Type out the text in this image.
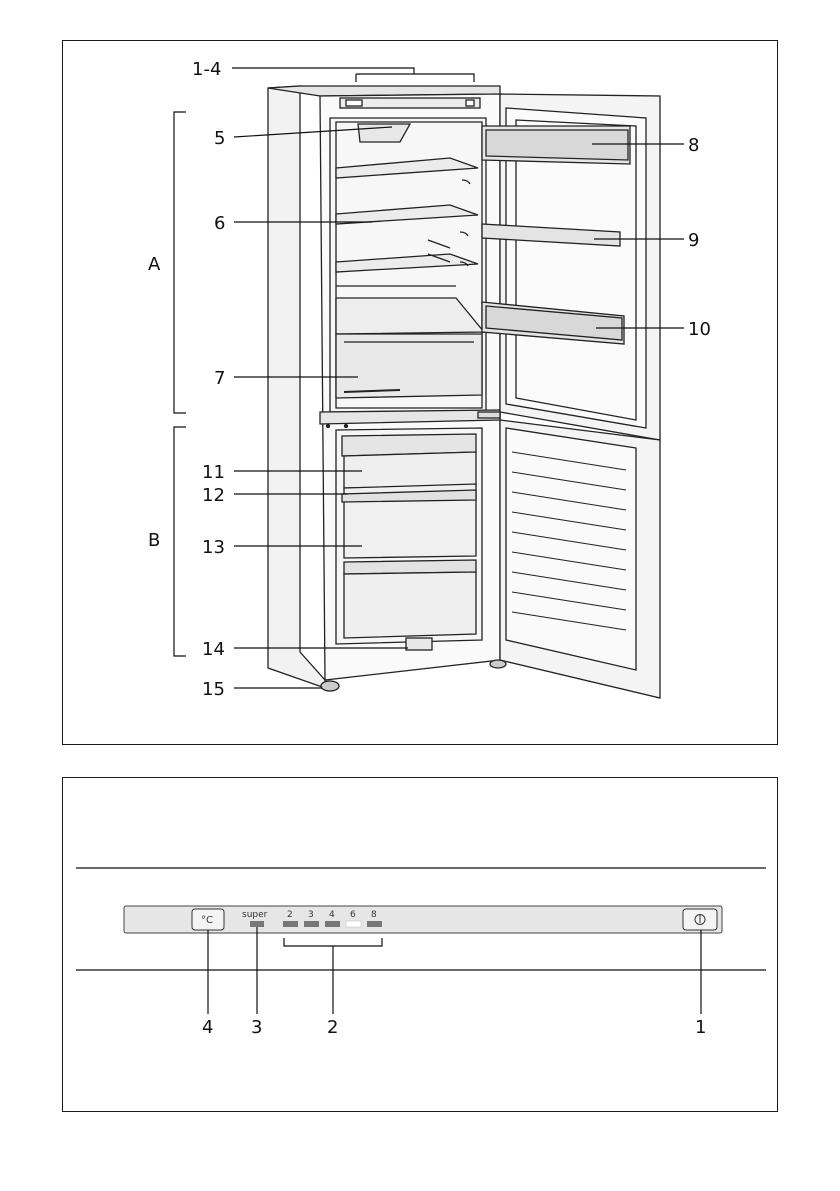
1-4
5
6
7
8
9
10
11
12
13
14
15
A
B
°C	super 2 3 4 6 8
4 3	2	1
